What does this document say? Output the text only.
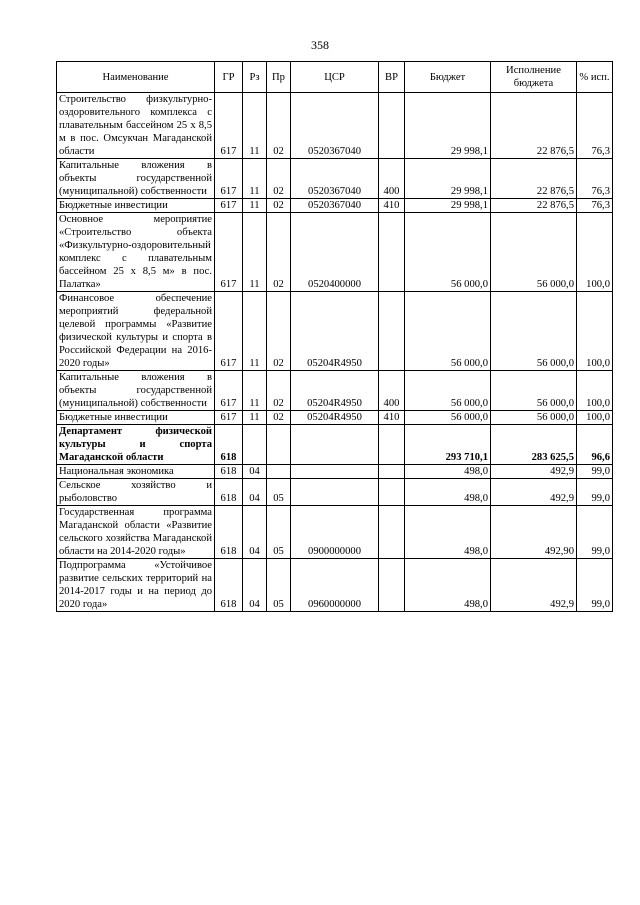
358
Наименование	ГР	Рз	Пр	ЦСР	ВР	Бюджет	Исполнение бюджета	% исп.
Строительство физкультурно-оздоровительного комплекса с плавательным бассейном 25 х 8,5 м в пос. Омсукчан Магаданской области	617	11	02	0520367040		29 998,1	22 876,5	76,3
Капитальные вложения в объекты государственной (муниципальной) собственности	617	11	02	0520367040	400	29 998,1	22 876,5	76,3
Бюджетные инвестиции	617	11	02	0520367040	410	29 998,1	22 876,5	76,3
Основное мероприятие «Строительство объекта «Физкультурно-оздоровительный комплекс с плавательным бассейном 25 х 8,5 м» в пос. Палатка»	617	11	02	0520400000		56 000,0	56 000,0	100,0
Финансовое обеспечение мероприятий федеральной целевой программы «Развитие физической культуры и спорта в Российской Федерации на 2016-2020 годы»	617	11	02	05204R4950		56 000,0	56 000,0	100,0
Капитальные вложения в объекты государственной (муниципальной) собственности	617	11	02	05204R4950	400	56 000,0	56 000,0	100,0
Бюджетные инвестиции	617	11	02	05204R4950	410	56 000,0	56 000,0	100,0
Департамент физической культуры и спорта Магаданской области	618					293 710,1	283 625,5	96,6
Национальная экономика	618	04				498,0	492,9	99,0
Сельское хозяйство и рыболовство	618	04	05			498,0	492,9	99,0
Государственная программа Магаданской области «Развитие сельского хозяйства Магаданской области на 2014-2020 годы»	618	04	05	0900000000		498,0	492,90	99,0
Подпрограмма «Устойчивое развитие сельских территорий на 2014-2017 годы и на период до 2020 года»	618	04	05	0960000000		498,0	492,9	99,0
